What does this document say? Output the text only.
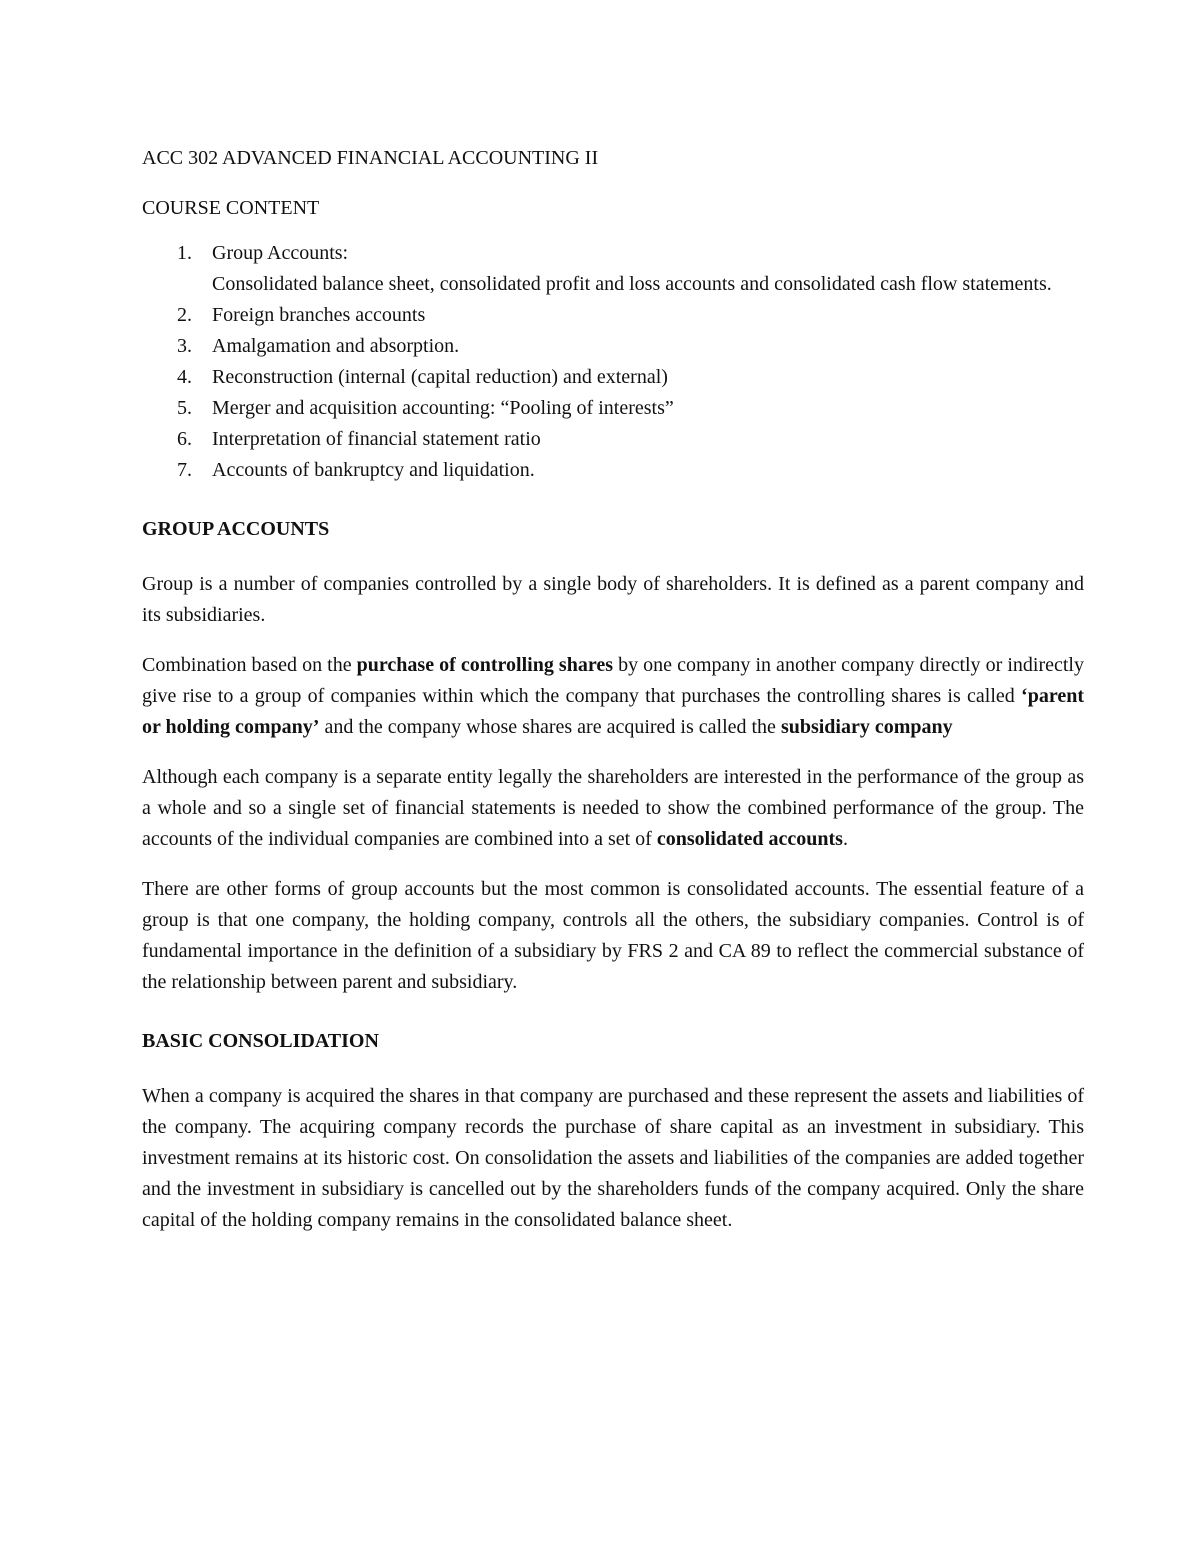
ACC 302 ADVANCED FINANCIAL ACCOUNTING II

COURSE CONTENT

1.	Group Accounts:
Consolidated balance sheet, consolidated profit and loss accounts and consolidated cash flow statements.
2.	Foreign branches accounts
3.	Amalgamation and absorption.
4.	Reconstruction (internal (capital reduction) and external)
5.	Merger and acquisition accounting: “Pooling of interests”
6.	Interpretation of financial statement ratio
7.	Accounts of bankruptcy and liquidation.
GROUP ACCOUNTS

Group is a number of companies controlled by a single body of shareholders. It is defined as a parent company and its subsidiaries.

Combination based on the purchase of controlling shares by one company in another company directly or indirectly give rise to a group of companies within which the company that purchases the controlling shares is called ‘parent or holding company’ and the company whose shares are acquired is called the subsidiary company

Although each company is a separate entity legally the shareholders are interested in the performance of the group as a whole and so a single set of financial statements is needed to show the combined performance of the group. The accounts of the individual companies are combined into a set of consolidated accounts.

There are other forms of group accounts but the most common is consolidated accounts. The essential feature of a group is that one company, the holding company, controls all the others, the subsidiary companies. Control is of fundamental importance in the definition of a subsidiary by FRS 2 and CA 89 to reflect the commercial substance of the relationship between parent and subsidiary.

BASIC CONSOLIDATION

When a company is acquired the shares in that company are purchased and these represent the assets and liabilities of the company. The acquiring company records the purchase of share capital as an investment in subsidiary. This investment remains at its historic cost. On consolidation the assets and liabilities of the companies are added together and the investment in subsidiary is cancelled out by the shareholders funds of the company acquired. Only the share capital of the holding company remains in the consolidated balance sheet.
